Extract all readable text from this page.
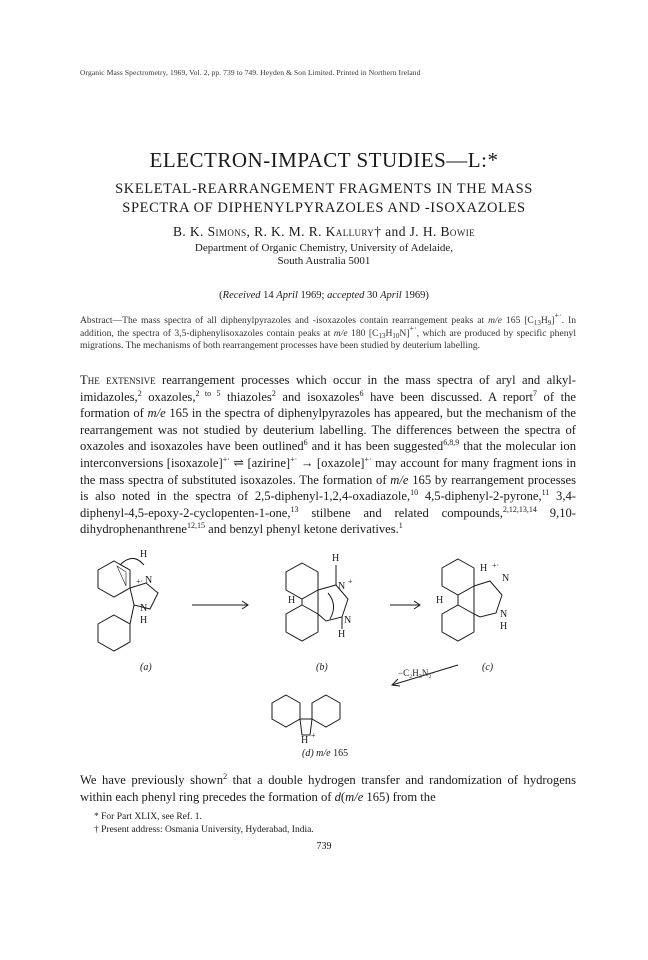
Organic Mass Spectrometry, 1969, Vol. 2, pp. 739 to 749. Heyden & Son Limited. Printed in Northern Ireland
ELECTRON-IMPACT STUDIES—L:*
SKELETAL-REARRANGEMENT FRAGMENTS IN THE MASS
SPECTRA OF DIPHENYLPYRAZOLES AND -ISOXAZOLES
B. K. Simons, R. K. M. R. Kallury† and J. H. Bowie
Department of Organic Chemistry, University of Adelaide,
South Australia 5001
(Received 14 April 1969; accepted 30 April 1969)
Abstract—The mass spectra of all diphenylpyrazoles and -isoxazoles contain rearrangement peaks at m/e 165 $[C_{13}H_9]^{+\cdot}$. In addition, the spectra of 3,5-diphenylisoxazoles contain peaks at m/e 180 $[C_{13}H_{10}N]^{+\cdot}$, which are produced by specific phenyl migrations. The mechanisms of both rearrangement processes have been studied by deuterium labelling.
The extensive rearrangement processes which occur in the mass spectra of aryl and alkyl-imidazoles,$^2$ oxazoles,$^{2 to 5}$ thiazoles$^2$ and isoxazoles$^6$ have been discussed. A report$^7$ of the formation of m/e 165 in the spectra of diphenylpyrazoles has appeared, but the mechanism of the rearrangement was not studied by deuterium labelling. The differences between the spectra of oxazoles and isoxazoles have been outlined$^6$ and it has been suggested$^{6,8,9}$ that the molecular ion interconversions [isoxazole]+· ⇌ [azirine]+· → [oxazole]+· may account for many fragment ions in the mass spectra of substituted isoxazoles. The formation of m/e 165 by rearrangement processes is also noted in the spectra of 2,5-diphenyl-1,2,4-oxadiazole,$^{10}$ 4,5-diphenyl-2-pyrone,$^{11}$ 3,4-diphenyl-4,5-epoxy-2-cyclopenten-1-one,$^{13}$ stilbene and related compounds,$^{2,12,13,14}$ 9,10-dihydrophenanthrene$^{12,15}$ and benzyl phenyl ketone derivatives.$^1$
(a)	(b)	(c)
(d) m/e 165
−C₂H₃N₂·
H
N
+·
N
H
H
N +
H
N
H
H +·
N
H
N
H
H +
We have previously shown$^2$ that a double hydrogen transfer and randomization of hydrogens within each phenyl ring precedes the formation of d(m/e 165) from the
* For Part XLIX, see Ref. 1.
† Present address: Osmania University, Hyderabad, India.
739
